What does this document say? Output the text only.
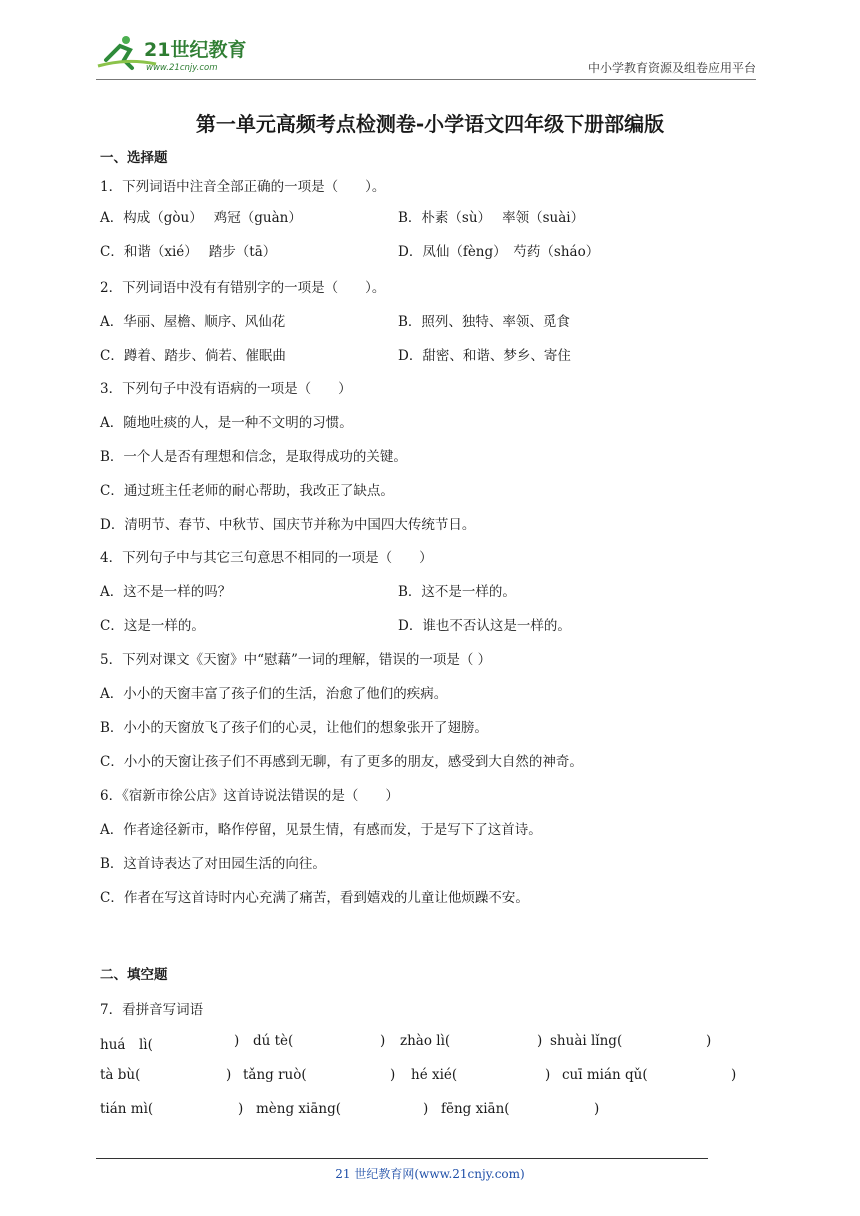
21世纪教育
www.21cnjy.com	中小学教育资源及组卷应用平台
第一单元高频考点检测卷-小学语文四年级下册部编版
一、选择题
1．下列词语中注音全部正确的一项是（　　）。
A．构成（gòu）　 鸡冠（guàn）	B．朴素（sù）　 率领（suài）
C．和谐（xié）　 踏步（tā）	D．凤仙（fèng）　芍药（sháo）
2．下列词语中没有有错别字的一项是（　　）。
A．华丽、屋檐、顺序、风仙花	B．照列、独特、率领、觅食
C．蹲着、踏步、倘若、催眠曲	D．甜密、和谐、梦乡、寄住
3．下列句子中没有语病的一项是（　　）
A．随地吐痰的人，是一种不文明的习惯。
B．一个人是否有理想和信念，是取得成功的关键。
C．通过班主任老师的耐心帮助，我改正了缺点。
D．清明节、春节、中秋节、国庆节并称为中国四大传统节日。
4．下列句子中与其它三句意思不相同的一项是（　　）
A．这不是一样的吗？	B．这不是一样的。
C．这是一样的。	D．谁也不否认这是一样的。
5．下列对课文《天窗》中“慰藉”一词的理解，错误的一项是（ ）
A．小小的天窗丰富了孩子们的生活，治愈了他们的疾病。
B．小小的天窗放飞了孩子们的心灵，让他们的想象张开了翅膀。
C．小小的天窗让孩子们不再感到无聊，有了更多的朋友，感受到大自然的神奇。
6．《宿新市徐公店》这首诗说法错误的是（　　）
A．作者途径新市，略作停留，见景生情，有感而发，于是写下了这首诗。
B．这首诗表达了对田园生活的向往。
C．作者在写这首诗时内心充满了痛苦，看到嬉戏的儿童让他烦躁不安。
二、填空题
7．看拼音写词语
huá　lì(	) dú tè(	) zhào lì(	) shuài lǐng(	)
tà bù(	) tǎng ruò(	) hé xié(	) cuī mián qǔ(	)
tián mì(	) mèng xiāng(	) fēng xiān(	)
21 世纪教育网(www.21cnjy.com)
